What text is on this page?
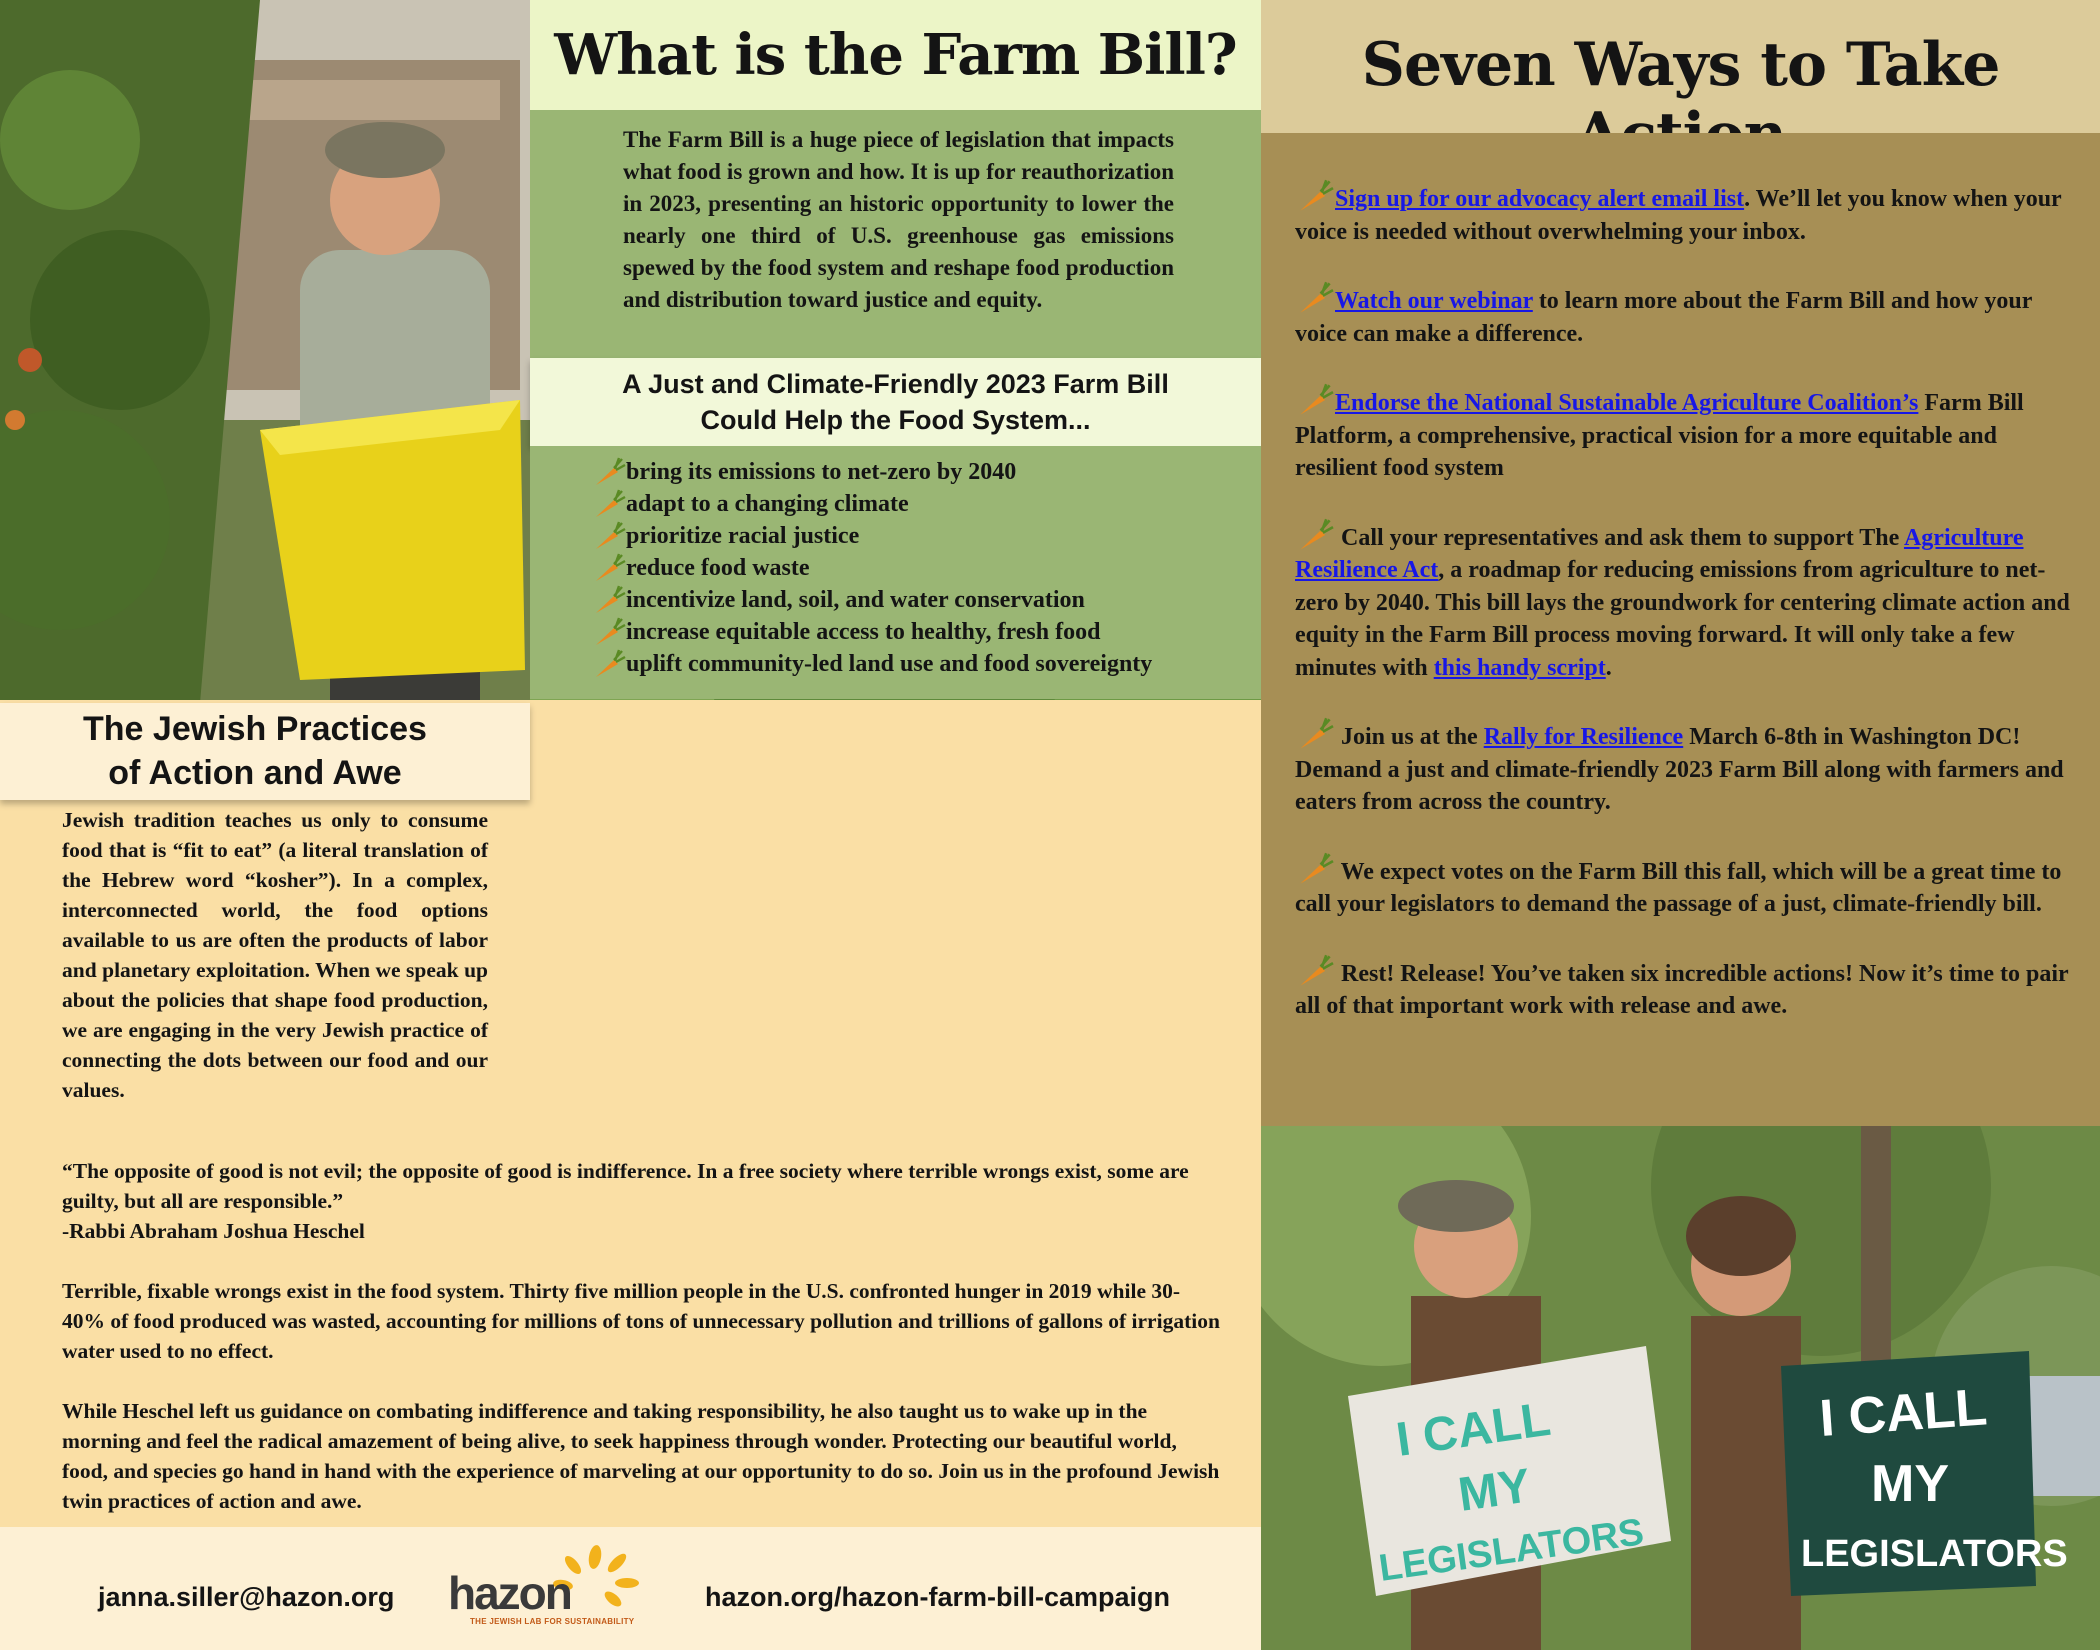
What is the Farm Bill?

The Farm Bill is a huge piece of legislation that impacts what food is grown and how. It is up for reauthorization in 2023, presenting an historic opportunity to lower the nearly one third of U.S. greenhouse gas emissions spewed by the food system and reshape food production and distribution toward justice and equity.

A Just and Climate-Friendly 2023 Farm Bill
Could Help the Food System...
bring its emissions to net-zero by 2040
adapt to a changing climate
prioritize racial justice
reduce food waste
incentivize land, soil, and water conservation
increase equitable access to healthy, fresh food
uplift community-led land use and food sovereignty
Seven Ways to Take

Sign up for our advocacy alert email list. We’ll let you know when your voice is needed without overwhelming your inbox.

Watch our webinar to learn more about the Farm Bill and how your voice can make a difference.

Endorse the National Sustainable Agriculture Coalition’s Farm Bill Platform, a comprehensive, practical vision for a more equitable and resilient food system

Call your representatives and ask them to support The Agriculture Resilience Act, a roadmap for reducing emissions from agriculture to net-zero by 2040. This bill lays the groundwork for centering climate action and equity in the Farm Bill process moving forward. It will only take a few minutes with this handy script.

Join us at the Rally for Resilience March 6-8th in Washington DC! Demand a just and climate-friendly 2023 Farm Bill along with farmers and eaters from across the country.

We expect votes on the Farm Bill this fall, which will be a great time to call your legislators to demand the passage of a just, climate-friendly bill.

Rest! Release! You’ve taken six incredible actions! Now it’s time to pair all of that important work with release and awe.

I CALL
MY
LEGISLATORS
I CALL
MY
LEGISLATORS
The Jewish Practices
of Action and Awe

Jewish tradition teaches us only to consume food that is “fit to eat” (a literal translation of the Hebrew word “kosher”). In a complex, interconnected world, the food options available to us are often the products of labor and planetary exploitation. When we speak up about the policies that shape food production, we are engaging in the very Jewish practice of connecting the dots between our food and our values.

“The opposite of good is not evil; the opposite of good is indifference. In a free society where terrible wrongs exist, some are guilty, but all are responsible.”
-Rabbi Abraham Joshua Heschel

Terrible, fixable wrongs exist in the food system. Thirty five million people in the U.S. confronted hunger in 2019 while 30-40% of food produced was wasted, accounting for millions of tons of unnecessary pollution and trillions of gallons of irrigation water used to no effect.

While Heschel left us guidance on combating indifference and taking responsibility, he also taught us to wake up in the morning and feel the radical amazement of being alive, to seek happiness through wonder. Protecting our beautiful world, food, and species go hand in hand with the experience of marveling at our opportunity to do so. Join us in the profound Jewish twin practices of action and awe.

janna.siller@hazon.org hazon
THE JEWISH LAB FOR SUSTAINABILITY
hazon.org/hazon-farm-bill-campaign
